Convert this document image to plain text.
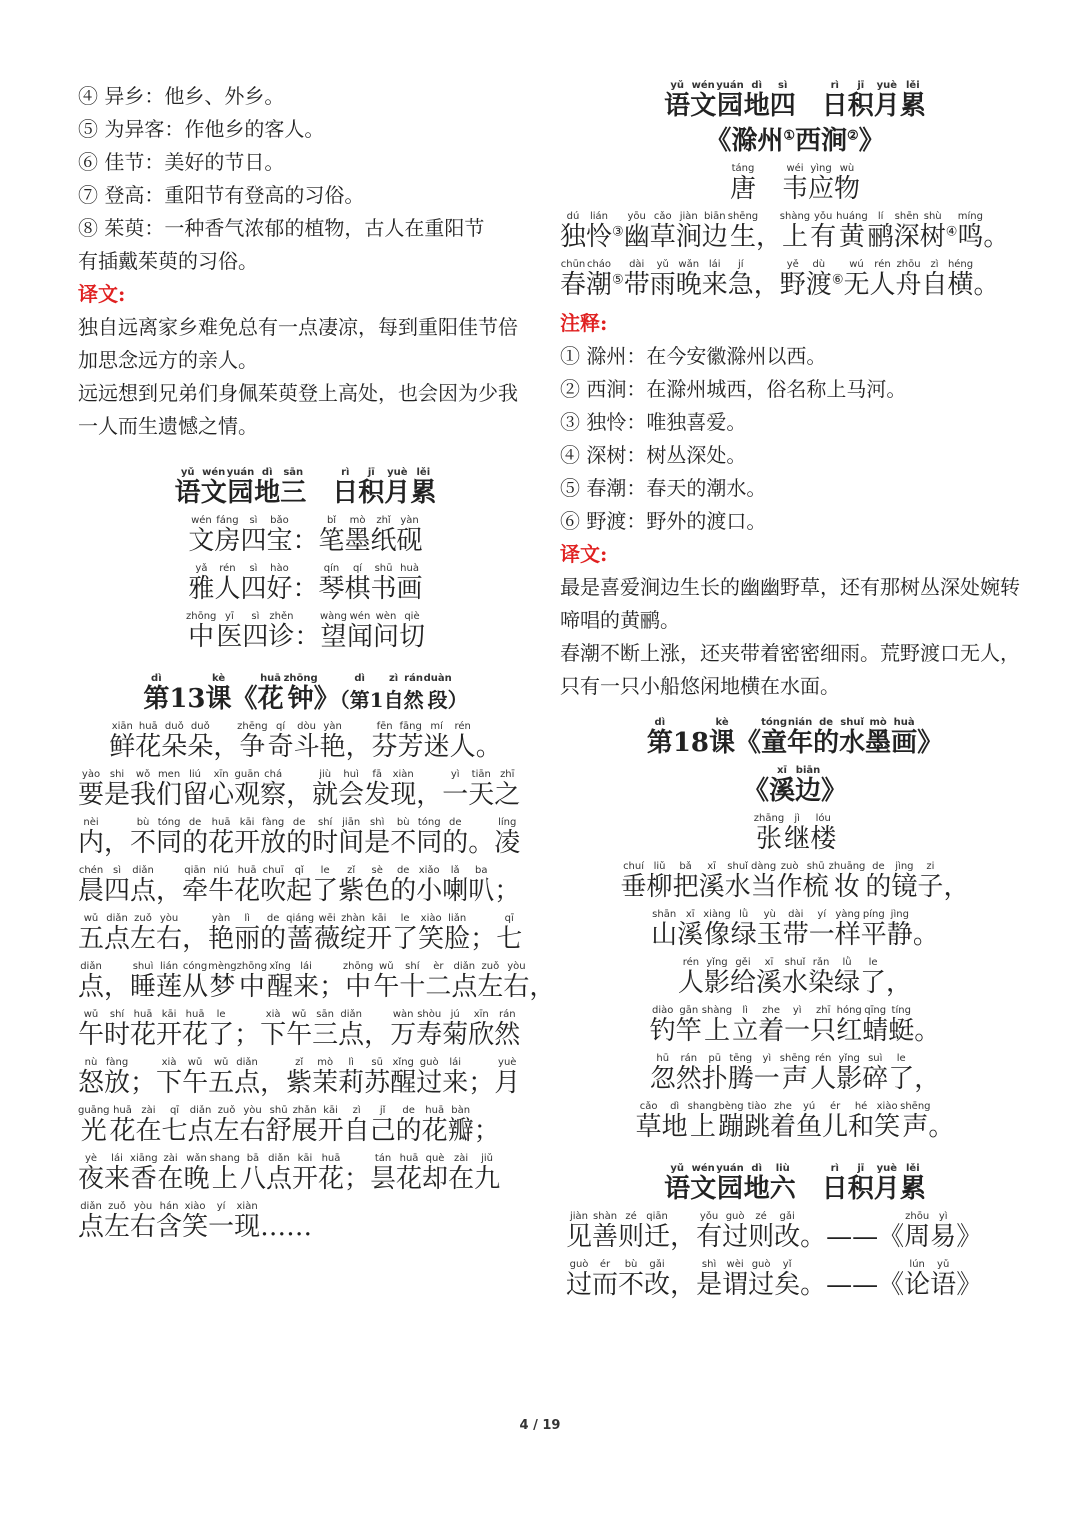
④ 异乡：他乡、外乡。
⑤ 为异客：作他乡的客人。
⑥ 佳节：美好的节日。
⑦ 登高：重阳节有登高的习俗。
⑧ 茱萸：一种香气浓郁的植物，古人在重阳节
有插戴茱萸的习俗。
译文:
独自远离家乡难免总有一点凄凉，每到重阳佳节倍加思念远方的亲人。
远远想到兄弟们身佩茱萸登上高处，也会因为少我一人而生遗憾之情。
语yǔ文wén园yuán地dì三sān　日rì积jī月yuè累lěi
文wén房fáng四sì宝bǎo：笔bǐ墨mò纸zhǐ砚yàn
雅yǎ人rén四sì好hào：琴qín棋qí书shū画huà
中zhōng医yī四sì诊zhěn：望wàng闻wén问wèn切qiè
第dì13课kè《花huā钟zhōng》（第dì1自zì然rán段duàn）
鲜xiān花huā朵duǒ朵duǒ，争zhēng奇qí斗dòu艳yàn，芬fēn芳fāng迷mí人rén。
要yào是shi我wǒ们men留liú心xīn观guān察chá，就jiù会huì发fā现xiàn，一yì天tiān之zhī
内nèi，不bù同tóng的de花huā开kāi放fàng的de时shí间jiān是shì不bù同tóng的de。凌líng
晨chén四sì点diǎn，牵qiān牛niú花huā吹chuī起qǐ了le紫zǐ色sè的de小xiǎo喇lǎ叭ba；
五wǔ点diǎn左zuǒ右yòu，艳yàn丽lì的de蔷qiáng薇wēi绽zhàn开kāi了le笑xiào脸liǎn；七qī
点diǎn，睡shuì莲lián从cóng梦mèng中zhōng醒xǐng来lái；中zhōng午wǔ十shí二èr点diǎn左zuǒ右yòu，
午wǔ时shí花huā开kāi花huā了le；下xià午wǔ三sān点diǎn，万wàn寿shòu菊jú欣xīn然rán
怒nù放fàng；下xià午wǔ五wǔ点diǎn，紫zǐ茉mò莉lì苏sū醒xǐng过guò来lái；月yuè
光guāng花huā在zài七qī点diǎn左zuǒ右yòu舒shū展zhǎn开kāi自zì己jǐ的de花huā瓣bàn；
夜yè来lái香xiāng在zài晚wǎn上shang八bā点diǎn开kāi花huā；昙tán花huā却què在zài九jiǔ
点diǎn左zuǒ右yòu含hán笑xiào一yí现xiàn……
语yǔ文wén园yuán地dì四sì　日rì积jī月yuè累lěi
《滁州①西涧②》
唐táng　韦wéi应yìng物wù
独dú怜lián③幽yōu草cǎo涧jiàn边biān生shēng，上shàng有yǒu黄huáng鹂lí深shēn树shù④鸣míng。
春chūn潮cháo⑤带dài雨yǔ晚wǎn来lái急jí，野yě渡dù⑥无wú人rén舟zhōu自zì横héng。
注释:
① 滁州：在今安徽滁州以西。
② 西涧：在滁州城西，俗名称上马河。
③ 独怜：唯独喜爱。
④ 深树：树丛深处。
⑤ 春潮：春天的潮水。
⑥ 野渡：野外的渡口。
译文:
最是喜爱涧边生长的幽幽野草，还有那树丛深处婉转啼唱的黄鹂。
春潮不断上涨，还夹带着密密细雨。荒野渡口无人，只有一只小船悠闲地横在水面。
第dì18课kè《童tóng年nián的de水shuǐ墨mò画huà》
《溪xī边biān》
张zhāng继jì楼lóu
垂chuí柳liǔ把bǎ溪xī水shuǐ当dàng作zuò梳shū妆zhuāng的de镜jìng子zi，
山shān溪xī像xiàng绿lǜ玉yù带dài一yí样yàng平píng静jìng。
人rén影yǐng给gěi溪xī水shuǐ染rǎn绿lǜ了le，
钓diào竿gān上shàng立lì着zhe一yì只zhī红hóng蜻qīng蜓tíng。
忽hū然rán扑pū腾tēng一yì声shēng人rén影yǐng碎suì了le，
草cǎo地dì上shang蹦bèng跳tiào着zhe鱼yú儿ér和hé笑xiào声shēng。
语yǔ文wén园yuán地dì六liù　日rì积jī月yuè累lěi
见jiàn善shàn则zé迁qiān，有yǒu过guò则zé改gǎi。——《周zhōu易yì》
过guò而ér不bù改gǎi，是shì谓wèi过guò矣yǐ。——《论lún语yǔ》
4 / 19
